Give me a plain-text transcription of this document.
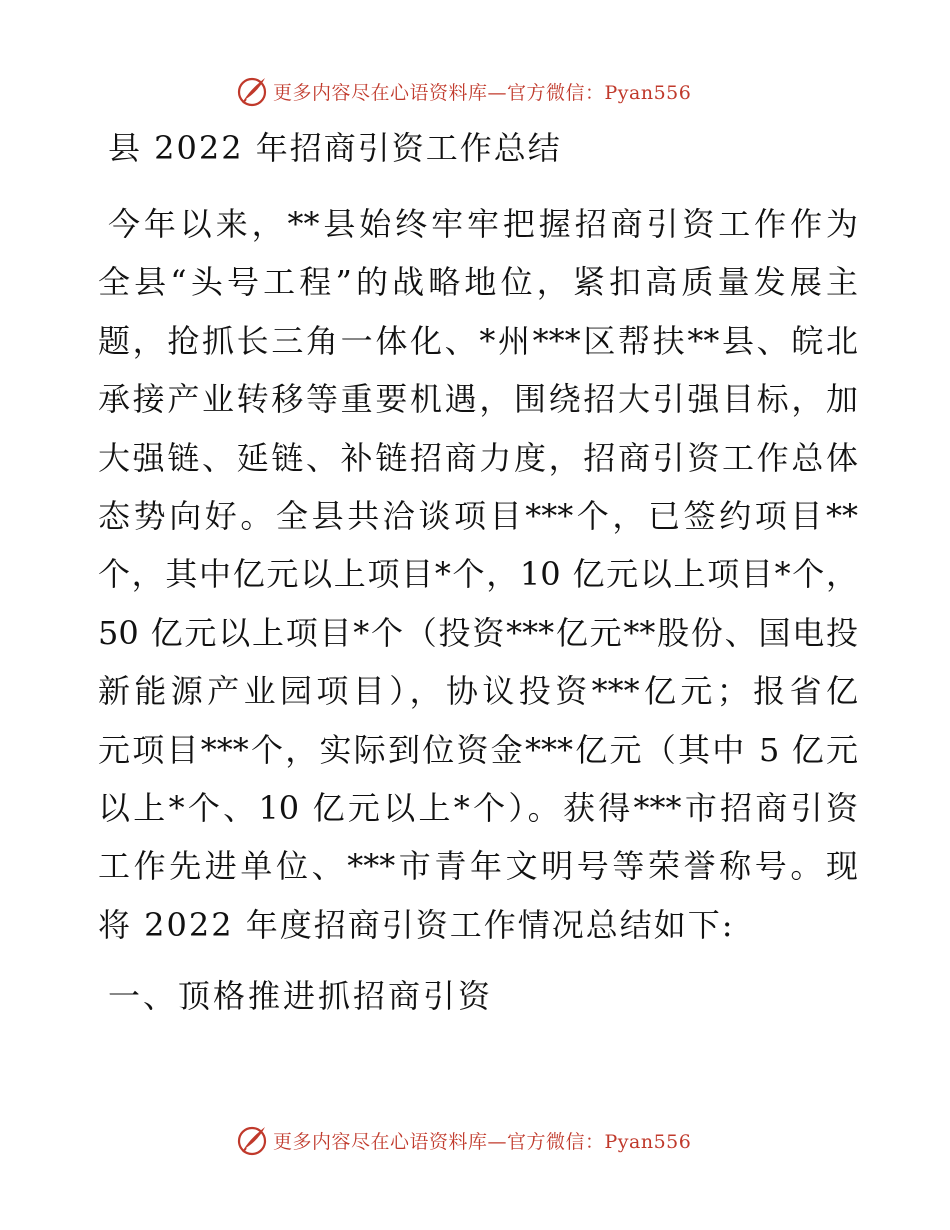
更多内容尽在心语资料库—官方微信：Pyan556
县 2022 年招商引资工作总结
今年以来，**县始终牢牢把握招商引资工作作为
全县“头号工程”的战略地位，紧扣高质量发展主
题，抢抓长三角一体化、*州***区帮扶**县、皖北
承接产业转移等重要机遇，围绕招大引强目标，加
大强链、延链、补链招商力度，招商引资工作总体
态势向好。全县共洽谈项目***个，已签约项目**
个，其中亿元以上项目*个，10 亿元以上项目*个，
50 亿元以上项目*个（投资***亿元**股份、国电投
新能源产业园项目），协议投资***亿元；报省亿
元项目***个，实际到位资金***亿元（其中 5 亿元
以上*个、10 亿元以上*个）。获得***市招商引资
工作先进单位、***市青年文明号等荣誉称号。现
将 2022 年度招商引资工作情况总结如下:
一、顶格推进抓招商引资
更多内容尽在心语资料库—官方微信：Pyan556
